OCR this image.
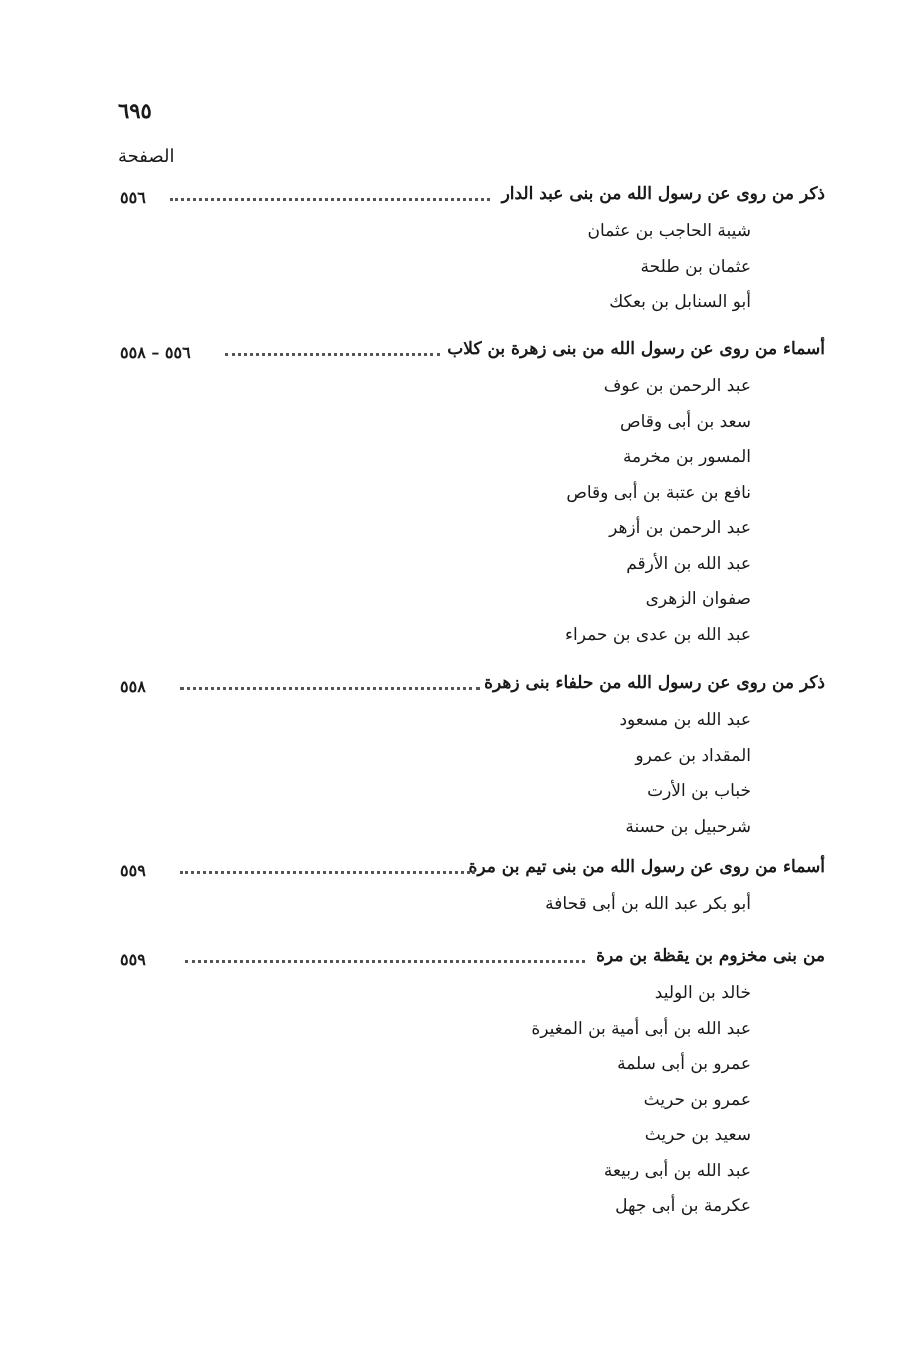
٦٩٥
الصفحة
ذكر من روى عن رسول الله من بنى عبد الدار
٥٥٦
شيبة الحاجب بن عثمان
عثمان بن طلحة
أبو السنابل بن بعكك
أسماء من روى عن رسول الله من بنى زهرة بن كلاب
٥٥٦ – ٥٥٨
عبد الرحمن بن عوف
سعد بن أبى وقاص
المسور بن مخرمة
نافع بن عتبة بن أبى وقاص
عبد الرحمن بن أزهر
عبد الله بن الأرقم
صفوان الزهرى
عبد الله بن عدى بن حمراء
ذكر من روى عن رسول الله من حلفاء بنى زهرة
٥٥٨
عبد الله بن مسعود
المقداد بن عمرو
خباب بن الأرت
شرحبيل بن حسنة
أسماء من روى عن رسول الله من بنى تيم بن مرة
٥٥٩
أبو بكر عبد الله بن أبى قحافة
من بنى مخزوم بن يقظة بن مرة
٥٥٩
خالد بن الوليد
عبد الله بن أبى أمية بن المغيرة
عمرو بن أبى سلمة
عمرو بن حريث
سعيد بن حريث
عبد الله بن أبى ربيعة
عكرمة بن أبى جهل
